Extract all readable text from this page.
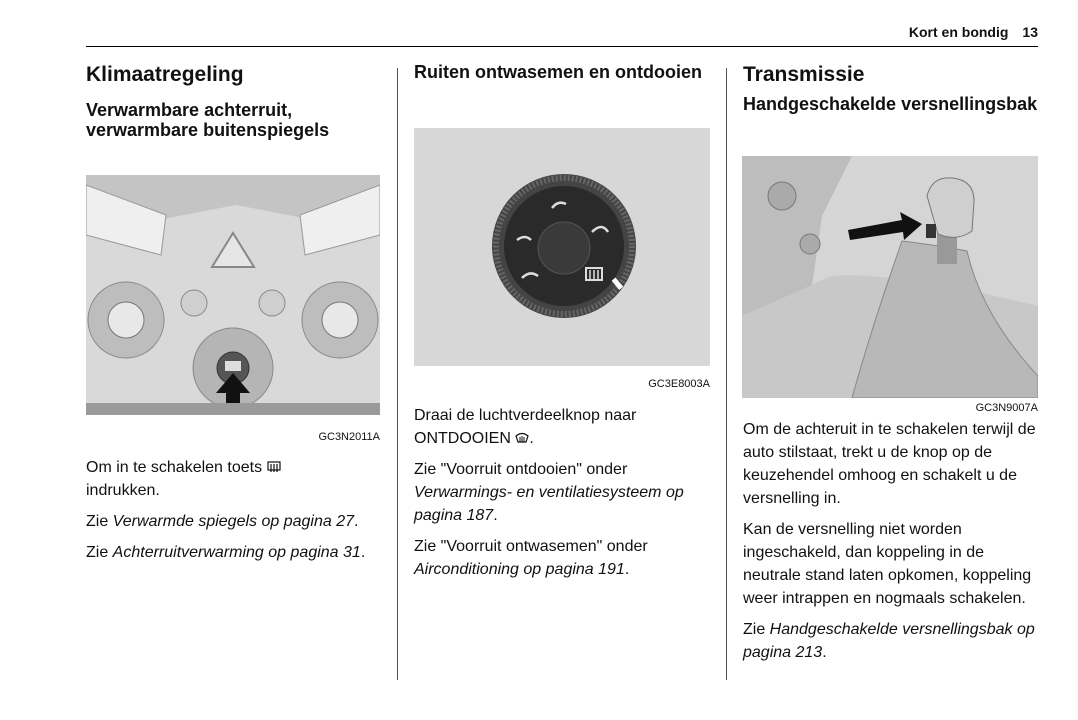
Kort en bondig 13
Klimaatregeling
Verwarmbare achterruit, verwarmbare buitenspiegels
GC3N2011A

Om in te schakelen toets
indrukken.

Zie Verwarmde spiegels op pagina 27.

Zie Achterruitverwarming op pagina 31.

Ruiten ontwasemen en ontdooien
GC3E8003A

Draai de luchtverdeelknop naar ONTDOOIEN .

Zie "Voorruit ontdooien" onder Verwarmings- en ventilatiesysteem op pagina 187.

Zie "Voorruit ontwasemen" onder Airconditioning op pagina 191.

Transmissie
Handgeschakelde versnellingsbak
GC3N9007A

Om de achteruit in te schakelen terwijl de auto stilstaat, trekt u de knop op de keuzehendel omhoog en schakelt u de versnelling in.

Kan de versnelling niet worden ingeschakeld, dan koppeling in de neutrale stand laten opkomen, koppeling weer intrappen en nogmaals schakelen.

Zie Handgeschakelde versnellingsbak op pagina 213.
